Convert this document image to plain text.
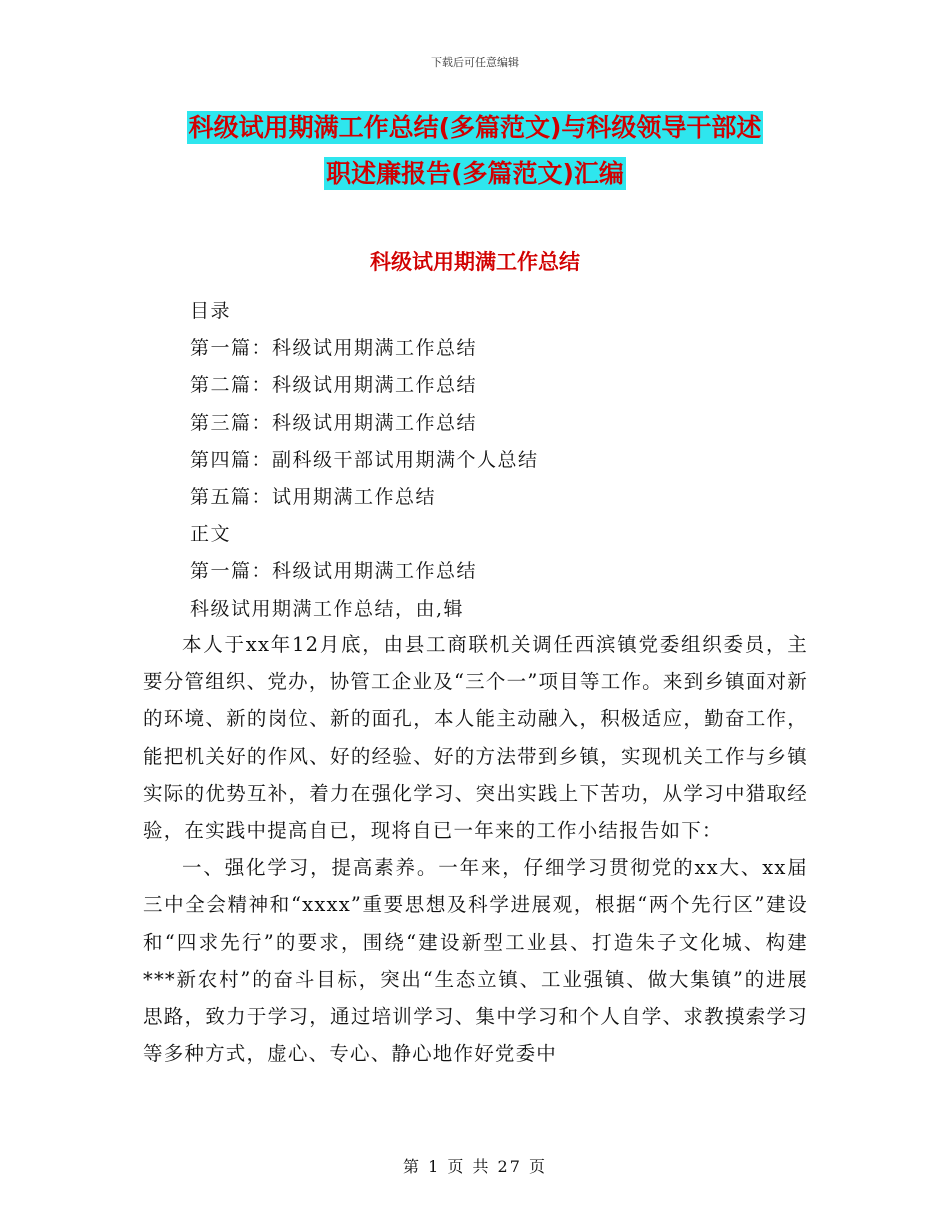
下载后可任意编辑
科级试用期满工作总结(多篇范文)与科级领导干部述
职述廉报告(多篇范文)汇编
科级试用期满工作总结
目录
第一篇：科级试用期满工作总结
第二篇：科级试用期满工作总结
第三篇：科级试用期满工作总结
第四篇：副科级干部试用期满个人总结
第五篇：试用期满工作总结
正文
第一篇：科级试用期满工作总结
科级试用期满工作总结，由,辑

本人于xx年12月底，由县工商联机关调任西滨镇党委组织委员，主要分管组织、党办，协管工企业及“三个一”项目等工作。来到乡镇面对新的环境、新的岗位、新的面孔，本人能主动融入，积极适应，勤奋工作，能把机关好的作风、好的经验、好的方法带到乡镇，实现机关工作与乡镇实际的优势互补，着力在强化学习、突出实践上下苦功，从学习中猎取经验，在实践中提高自已，现将自已一年来的工作小结报告如下：

一、强化学习，提高素养。一年来，仔细学习贯彻党的xx大、xx届三中全会精神和“xxxx”重要思想及科学进展观，根据“两个先行区”建设和“四求先行”的要求，围绕“建设新型工业县、打造朱子文化城、构建***新农村”的奋斗目标，突出“生态立镇、工业强镇、做大集镇”的进展思路，致力于学习，通过培训学习、集中学习和个人自学、求教摸索学习等多种方式，虚心、专心、静心地作好党委中

第 1 页 共 27 页
